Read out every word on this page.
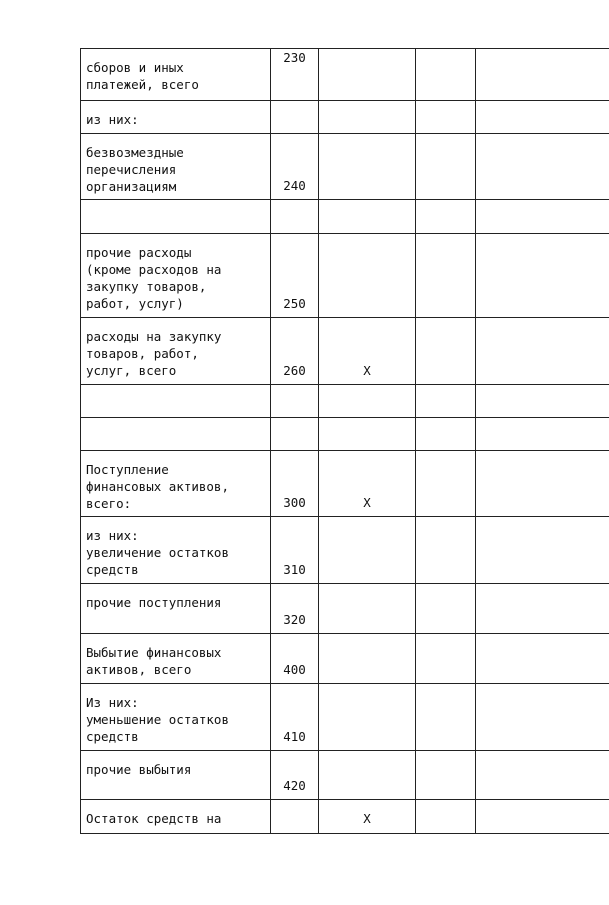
сборов и иных
платежей, всего	230			

из них:				

безвозмездные
перечисления
организациям	240			

прочие расходы
(кроме расходов на
закупку товаров,
работ, услуг)	250			

расходы на закупку
товаров, работ,
услуг, всего	260	X		

Поступление
финансовых активов,
всего:	300	X		

из них:
увеличение остатков
средств	310			

прочие поступления	320			

Выбытие финансовых
активов, всего	400			

Из них:
уменьшение остатков
средств	410			

прочие выбытия	420			

Остаток средств на		X		
